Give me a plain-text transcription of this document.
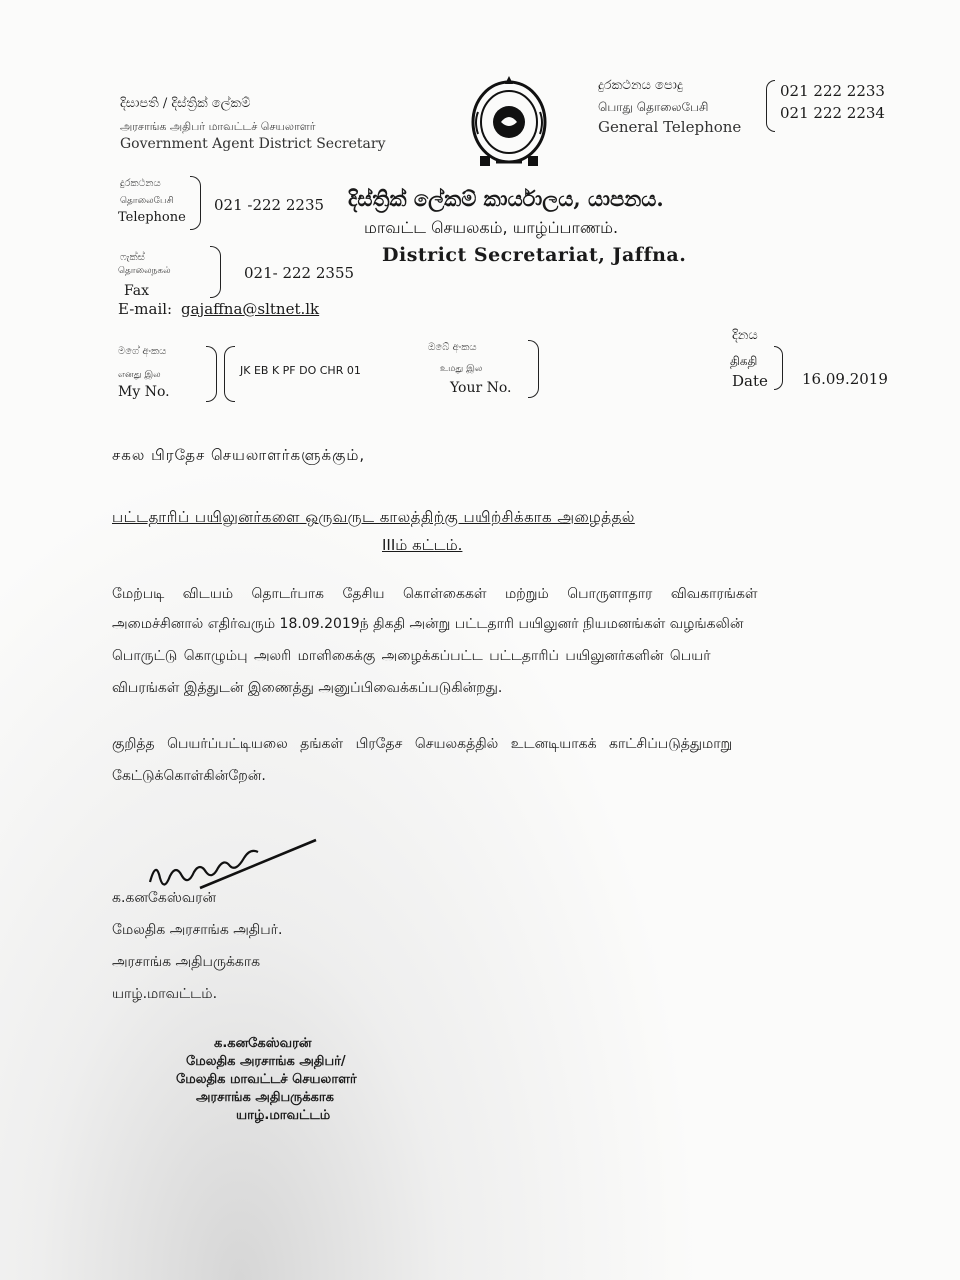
දිසාපති / දිස්ත්‍රික් ලේකම්
அரசாங்க அதிபர் மாவட்டச் செயலாளர்
Government Agent District Secretary
දුරකථනය පොදු
பொது தொலைபேசி
General Telephone
021 222 2233
021 222 2234
දුරකථනය
தொலைபேசி
Telephone
021 -222 2235 දිස්ත්‍රික් ලේකම් කාර්යාලය, යාපනය.
மாவட்ட செயலகம், யாழ்ப்பாணம்.
District Secretariat, Jaffna.
ෆැක්ස්
தொலைநகல்
Fax
021- 222 2355
E-mail: gajaffna@sltnet.lk
මගේ අංකය
எனது இல
My No.
JK EB K PF DO CHR 01
ඔබේ අංකය
உமது இல
Your No.
දිනය
திகதி
Date 16.09.2019
சகல பிரதேச செயலாளர்களுக்கும்,
பட்டதாரிப் பயிலுனர்களை ஒருவருட காலத்திற்கு பயிற்சிக்காக அழைத்தல்
IIIம் கட்டம்.
மேற்படி விடயம் தொடர்பாக தேசிய கொள்கைகள் மற்றும் பொருளாதார விவகாரங்கள்
அமைச்சினால் எதிர்வரும் 18.09.2019ந் திகதி அன்று பட்டதாரி பயிலுனர் நியமனங்கள் வழங்கலின்
பொருட்டு கொழும்பு அலரி மாளிகைக்கு அழைக்கப்பட்ட பட்டதாரிப் பயிலுனர்களின் பெயர்
விபரங்கள் இத்துடன் இணைத்து அனுப்பிவைக்கப்படுகின்றது.
குறித்த பெயர்ப்பட்டியலை தங்கள் பிரதேச செயலகத்தில் உடனடியாகக் காட்சிப்படுத்துமாறு
கேட்டுக்கொள்கின்றேன்.
க.கனகேஸ்வரன்
மேலதிக அரசாங்க அதிபர்.
அரசாங்க அதிபருக்காக
யாழ்.மாவட்டம்.
க.கனகேஸ்வரன்
மேலதிக அரசாங்க அதிபர்/
மேலதிக மாவட்டச் செயலாளர்
அரசாங்க அதிபருக்காக
யாழ்.மாவட்டம்
